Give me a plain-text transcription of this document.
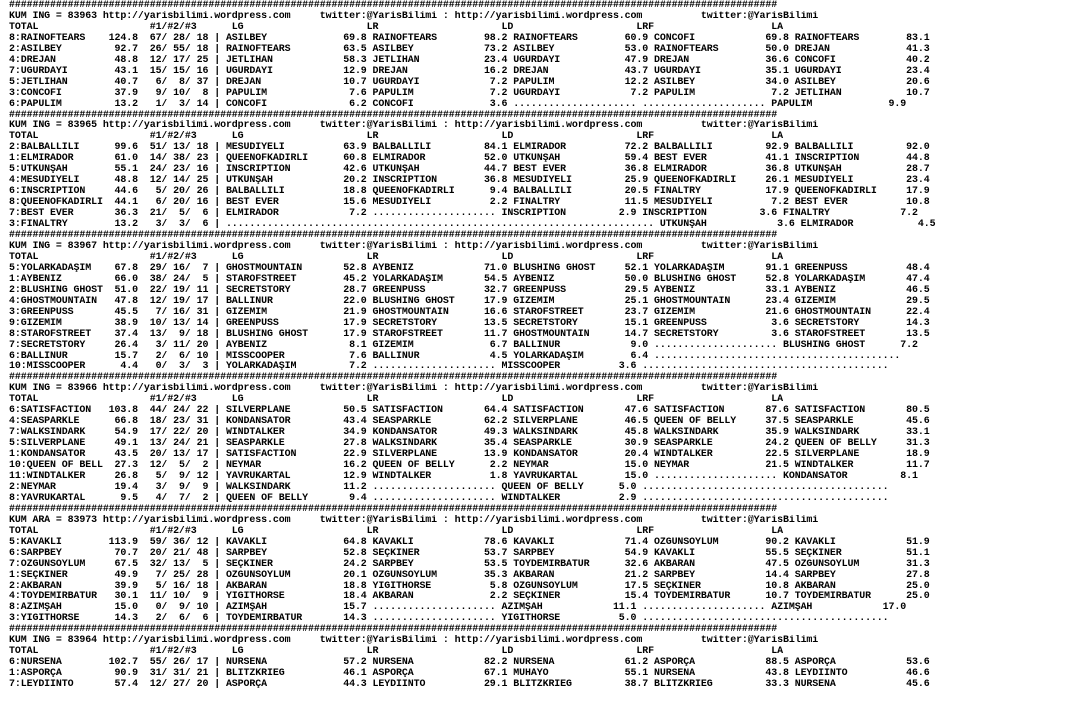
###################################################################################################################################
KUM ING = 83963 http://yarisbilimi.wordpress.com     twitter:@YarisBilimi : http://yarisbilimi.wordpress.com          twitter:@YarisBilimi
TOTAL                   #1/#2/#3      LG                     LR                     LD                     LRF                    LA
8:RAINOFTEARS    124.8  67/ 28/ 18 | ASİLBEY             69.8 RAINOFTEARS        98.2 RAINOFTEARS        60.9 CONCOFI            69.8 RAINOFTEARS        83.1
2:ASİLBEY         92.7  26/ 55/ 18 | RAINOFTEARS         63.5 ASİLBEY            73.2 ASİLBEY            53.0 RAINOFTEARS        50.0 DREJAN             41.3
4:DREJAN          48.8  12/ 17/ 25 | JETLİHAN            58.3 JETLİHAN           23.4 UĞURDAYI           47.9 DREJAN             36.6 CONCOFI            40.2
7:UĞURDAYI        43.1  15/ 15/ 16 | UĞURDAYI            12.9 DREJAN             16.2 DREJAN             43.7 UĞURDAYI           35.1 UĞURDAYI           23.4
5:JETLİHAN        40.7   6/  8/ 37 | DREJAN              10.7 UĞURDAYI            7.2 PAPULİM            12.2 ASİLBEY            34.0 ASİLBEY            20.6
3:CONCOFI         37.9   9/ 10/  8 | PAPULİM              7.6 PAPULİM             7.2 UĞURDAYI            7.2 PAPULİM             7.2 JETLİHAN           10.7
6:PAPULİM         13.2   1/  3/ 14 | CONCOFI              6.2 CONCOFI             3.6 ..................... ..................... PAPULİM             9.9
###################################################################################################################################
KUM ING = 83965 http://yarisbilimi.wordpress.com     twitter:@YarisBilimi : http://yarisbilimi.wordpress.com          twitter:@YarisBilimi
TOTAL                   #1/#2/#3      LG                     LR                     LD                     LRF                    LA
2:BALBALLILI      99.6  51/ 13/ 18 | MESUDİYELİ          63.9 BALBALLILI         84.1 ELMIRADOR          72.2 BALBALLILI         92.9 BALBALLILI         92.0
1:ELMIRADOR       61.0  14/ 38/ 23 | QUEENOFKADİRLİ      60.8 ELMIRADOR          52.0 UTKUNŞAH           59.4 BEST EVER          41.1 INSCRIPTION        44.8
5:UTKUNŞAH        55.1  24/ 23/ 16 | INSCRIPTION         42.6 UTKUNŞAH           44.7 BEST EVER          36.8 ELMIRADOR          36.8 UTKUNŞAH           28.7
4:MESUDİYELİ      48.8  12/ 14/ 25 | UTKUNŞAH            20.2 INSCRIPTION        36.8 MESUDİYELİ         25.9 QUEENOFKADİRLİ     26.1 MESUDİYELİ         23.4
6:INSCRIPTION     44.6   5/ 20/ 26 | BALBALLILI          18.8 QUEENOFKADİRLİ      9.4 BALBALLILI         20.5 FINALTRY           17.9 QUEENOFKADİRLİ     17.9
8:QUEENOFKADİRLİ  44.1   6/ 20/ 16 | BEST EVER           15.6 MESUDİYELİ          2.2 FINALTRY           11.5 MESUDİYELİ          7.2 BEST EVER          10.8
7:BEST EVER       36.3  21/  5/  6 | ELMIRADOR            7.2 ..................... INSCRIPTION         2.9 INSCRIPTION         3.6 FINALTRY            7.2
3:FINALTRY        13.2   3/  3/  6 | ......................................................................... UTKUNŞAH            3.6 ELMIRADOR           4.5
###################################################################################################################################
KUM ING = 83967 http://yarisbilimi.wordpress.com     twitter:@YarisBilimi : http://yarisbilimi.wordpress.com          twitter:@YarisBilimi
TOTAL                   #1/#2/#3      LG                     LR                     LD                     LRF                    LA
5:YOLARKADAŞIM    67.8  29/ 16/  7 | GHOSTMOUNTAIN       52.8 AYBENİZ            71.0 BLUSHING GHOST     52.1 YOLARKADAŞIM       91.1 GREENPUSS          48.4
1:AYBENİZ         66.0  38/ 24/  5 | STAROFSTREET        45.2 YOLARKADAŞIM       54.5 AYBENİZ            50.0 BLUSHING GHOST     52.8 YOLARKADAŞIM       47.4
2:BLUSHING GHOST  51.0  22/ 19/ 11 | SECRETSTORY         28.7 GREENPUSS          32.7 GREENPUSS          29.5 AYBENİZ            33.1 AYBENİZ            46.5
4:GHOSTMOUNTAIN   47.8  12/ 19/ 17 | BALLINUR            22.0 BLUSHING GHOST     17.9 GİZEMİM            25.1 GHOSTMOUNTAIN      23.4 GİZEMİM            29.5
3:GREENPUSS       45.5   7/ 16/ 31 | GİZEMİM             21.9 GHOSTMOUNTAIN      16.6 STAROFSTREET       23.7 GİZEMİM            21.6 GHOSTMOUNTAIN      22.4
9:GİZEMİM         38.9  10/ 13/ 14 | GREENPUSS           17.9 SECRETSTORY        13.5 SECRETSTORY        15.1 GREENPUSS           3.6 SECRETSTORY        14.3
8:STAROFSTREET    37.4  13/  9/ 18 | BLUSHING GHOST      17.9 STAROFSTREET       11.7 GHOSTMOUNTAIN      14.7 SECRETSTORY         3.6 STAROFSTREET       13.5
7:SECRETSTORY     26.4   3/ 11/ 20 | AYBENİZ              8.1 GİZEMİM             6.7 BALLINUR            9.0 ..................... BLUSHING GHOST      7.2
6:BALLINUR        15.7   2/  6/ 10 | MISSCOOPER           7.6 BALLINUR            4.5 YOLARKADAŞIM        6.4 ..........................................
10:MISSCOOPER      4.4   0/  3/  3 | YOLARKADAŞIM         7.2 ..................... MISSCOOPER          3.6 ..........................................
###################################################################################################################################
KUM ING = 83966 http://yarisbilimi.wordpress.com     twitter:@YarisBilimi : http://yarisbilimi.wordpress.com          twitter:@YarisBilimi
TOTAL                   #1/#2/#3      LG                     LR                     LD                     LRF                    LA
6:SATISFACTION   103.8  44/ 24/ 22 | SILVERPLANE         50.5 SATISFACTION       64.4 SATISFACTION       47.6 SATISFACTION       87.6 SATISFACTION       80.5
4:SEASPARKLE      66.8  18/ 23/ 31 | KONDANSATÖR         43.4 SEASPARKLE         62.2 SILVERPLANE        46.5 QUEEN OF BELLY     37.5 SEASPARKLE         45.6
7:WALKSINDARK     54.9  17/ 22/ 20 | WINDTALKER          34.9 KONDANSATÖR        49.3 WALKSINDARK        45.8 WALKSINDARK        35.9 WALKSINDARK        33.1
5:SILVERPLANE     49.1  13/ 24/ 21 | SEASPARKLE          27.8 WALKSINDARK        35.4 SEASPARKLE         30.9 SEASPARKLE         24.2 QUEEN OF BELLY     31.3
1:KONDANSATÖR     43.5  20/ 13/ 17 | SATISFACTION        22.9 SILVERPLANE        13.9 KONDANSATÖR        20.4 WINDTALKER         22.5 SILVERPLANE        18.9
10:QUEEN OF BELL  27.3  12/  5/  2 | NEYMAR              16.2 QUEEN OF BELLY      2.2 NEYMAR             15.0 NEYMAR             21.5 WINDTALKER         11.7
11:WINDTALKER     26.8   5/  9/ 12 | YAVRUKARTAL         12.9 WINDTALKER          1.8 YAVRUKARTAL        15.0 ..................... KONDANSATÖR         8.1
2:NEYMAR          19.4   3/  9/  9 | WALKSINDARK         11.2 ..................... QUEEN OF BELLY      5.0 ..........................................
8:YAVRUKARTAL      9.5   4/  7/  2 | QUEEN OF BELLY       9.4 ..................... WINDTALKER          2.9 ..........................................
###################################################################################################################################
KUM ARA = 83973 http://yarisbilimi.wordpress.com     twitter:@YarisBilimi : http://yarisbilimi.wordpress.com          twitter:@YarisBilimi
TOTAL                   #1/#2/#3      LG                     LR                     LD                     LRF                    LA
5:KAVAKLI        113.9  59/ 36/ 12 | KAVAKLI             64.8 KAVAKLI            78.6 KAVAKLI            71.4 ÖZGÜNSOYLUM        90.2 KAVAKLI            51.9
6:SARPBEY         70.7  20/ 21/ 48 | SARPBEY             52.8 SEÇKİNER           53.7 SARPBEY            54.9 KAVAKLI            55.5 SEÇKİNER           51.1
7:ÖZGÜNSOYLUM     67.5  32/ 13/  5 | SEÇKİNER            24.2 SARPBEY            53.5 TOYDEMİRBATUR      32.6 AKBARAN            47.5 ÖZGÜNSOYLUM        31.3
1:SEÇKİNER        49.9   7/ 25/ 28 | ÖZGÜNSOYLUM         20.1 ÖZGÜNSOYLUM        35.3 AKBARAN            21.2 SARPBEY            14.4 SARPBEY            27.8
2:AKBARAN         39.9   5/ 16/ 18 | AKBARAN             18.8 YİĞİTHORSE          5.8 ÖZGÜNSOYLUM        17.5 SEÇKİNER           10.8 AKBARAN            25.0
4:TOYDEMİRBATUR   30.1  11/ 10/  9 | YİĞİTHORSE          18.4 AKBARAN             2.2 SEÇKİNER           15.4 TOYDEMİRBATUR      10.7 TOYDEMİRBATUR      25.0
8:AZİMŞAH         15.0   0/  9/ 10 | AZİMŞAH             15.7 ..................... AZİMŞAH            11.1 ..................... AZİMŞAH            17.0
3:YİĞİTHORSE      14.3   2/  6/  6 | TOYDEMİRBATUR       14.3 ..................... YİĞİTHORSE          5.0 ..........................................
###################################################################################################################################
KUM ING = 83964 http://yarisbilimi.wordpress.com     twitter:@YarisBilimi : http://yarisbilimi.wordpress.com          twitter:@YarisBilimi
TOTAL                   #1/#2/#3      LG                     LR                     LD                     LRF                    LA
6:NURSENA        102.7  55/ 26/ 17 | NURSENA             57.2 NURSENA            82.2 NURSENA            61.2 ASPORÇA            88.5 ASPORÇA            53.6
1:ASPORÇA         90.9  31/ 31/ 21 | BLITZKRIEG          46.1 ASPORÇA            67.1 MUHAYO             55.1 NURSENA            43.8 LEYDİİNTO          46.6
7:LEYDİİNTO       57.4  12/ 27/ 20 | ASPORÇA             44.3 LEYDİİNTO          29.1 BLITZKRIEG         38.7 BLITZKRIEG         33.3 NURSENA            45.6
